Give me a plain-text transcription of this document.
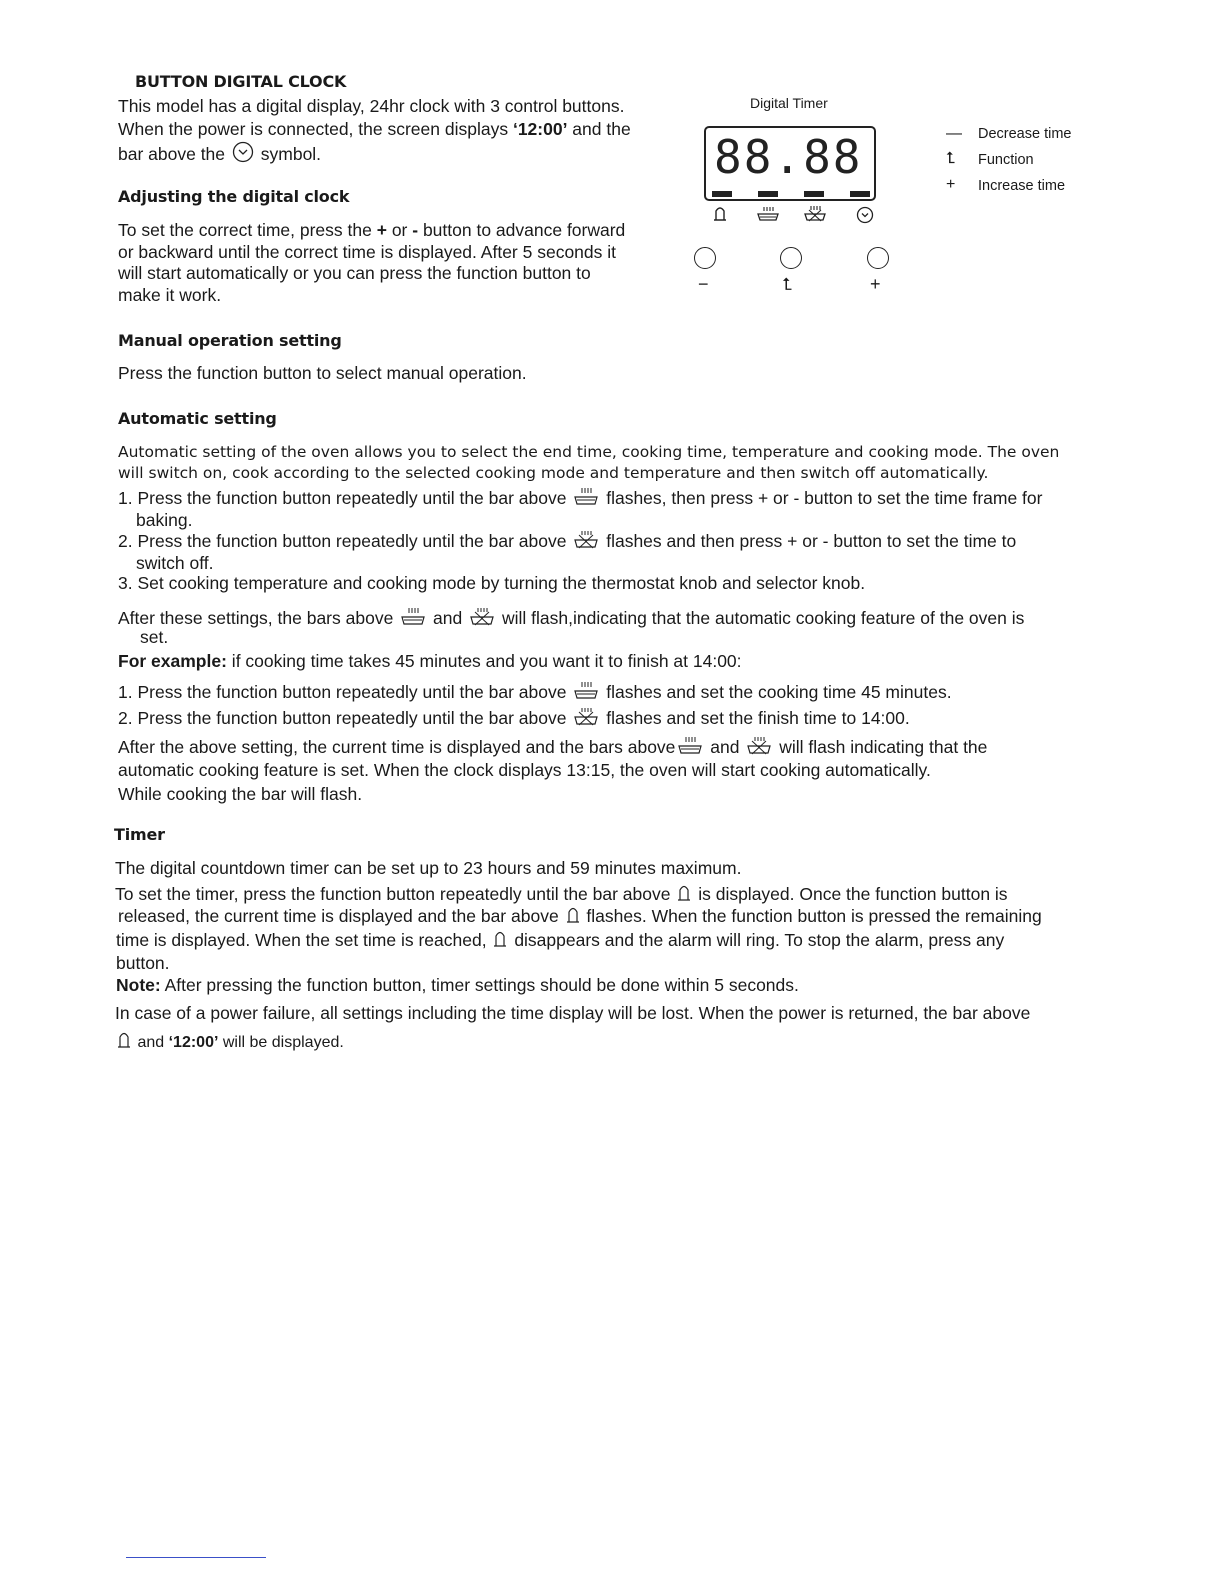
BUTTON DIGITAL CLOCK
This model has a digital display, 24hr clock with 3 control buttons.
When the power is connected, the screen displays ‘12:00’ and the
bar above the  symbol.
Digital Timer
88.88
−	⮤	+
— Decrease time
⮤ Function
+ Increase time
Adjusting the digital clock
To set the correct time, press the + or - button to advance forward
or backward until the correct time is displayed. After 5 seconds it
will start automatically or you can press the function button to
make it work.
Manual operation setting
Press the function button to select manual operation.
Automatic setting
Automatic setting of the oven allows you to select the end time, cooking time, temperature and cooking mode. The oven
will switch on, cook according to the selected cooking mode and temperature and then switch off automatically.
1. Press the function button repeatedly until the bar above  flashes, then press + or - button to set the time frame for
baking.
2. Press the function button repeatedly until the bar above  flashes and then press + or - button to set the time to
switch off.
3. Set cooking temperature and cooking mode by turning the thermostat knob and selector knob.
After these settings, the bars above  and  will flash,indicating that the automatic cooking feature of the oven is
set.
For example: if cooking time takes 45 minutes and you want it to finish at 14:00:
1. Press the function button repeatedly until the bar above  flashes and set the cooking time 45 minutes.
2. Press the function button repeatedly until the bar above  flashes and set the finish time to 14:00.
After the above setting, the current time is displayed and the bars above and  will flash indicating that the
automatic cooking feature is set. When the clock displays 13:15, the oven will start cooking automatically.
While cooking the bar will flash.
Timer
The digital countdown timer can be set up to 23 hours and 59 minutes maximum.
To set the timer, press the function button repeatedly until the bar above  is displayed. Once the function button is
released, the current time is displayed and the bar above  flashes. When the function button is pressed the remaining
time is displayed. When the set time is reached,  disappears and the alarm will ring. To stop the alarm, press any
button.
Note: After pressing the function button, timer settings should be done within 5 seconds.
In case of a power failure, all settings including the time display will be lost. When the power is returned, the bar above
and ‘12:00’ will be displayed.
